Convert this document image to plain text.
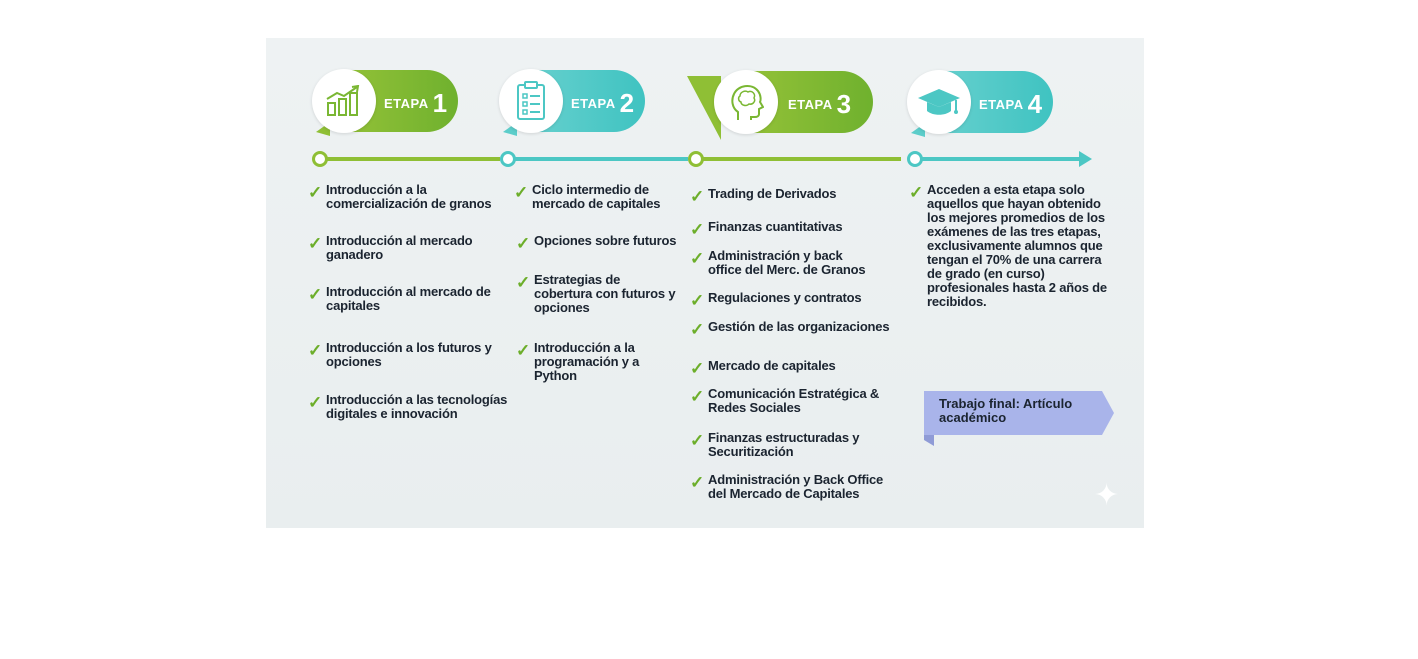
ETAPA 1	ETAPA 2	ETAPA 3	ETAPA 4
✓ Introducción a la
comercialización de granos
✓ Introducción al mercado
ganadero
✓ Introducción al mercado de
capitales
✓ Introducción a los futuros y
opciones
✓ Introducción a las tecnologías
digitales e innovación
✓ Ciclo intermedio de
mercado de capitales
✓ Opciones sobre futuros
✓ Estrategias de
cobertura con futuros y
opciones
✓ Introducción a la
programación y a
Python
✓ Trading de Derivados
✓ Finanzas cuantitativas
✓ Administración y back
office del Merc. de Granos
✓ Regulaciones y contratos
✓ Gestión de las organizaciones
✓ Mercado de capitales
✓ Comunicación Estratégica &
Redes Sociales
✓ Finanzas estructuradas y
Securitización
✓ Administración y Back Office
del Mercado de Capitales
✓ Acceden a esta etapa solo
aquellos que hayan obtenido
los mejores promedios de los
exámenes de las tres etapas,
exclusivamente alumnos que
tengan el 70% de una carrera
de grado (en curso)
profesionales hasta 2 años de
recibidos.
Trabajo final: Artículo
académico
✦
